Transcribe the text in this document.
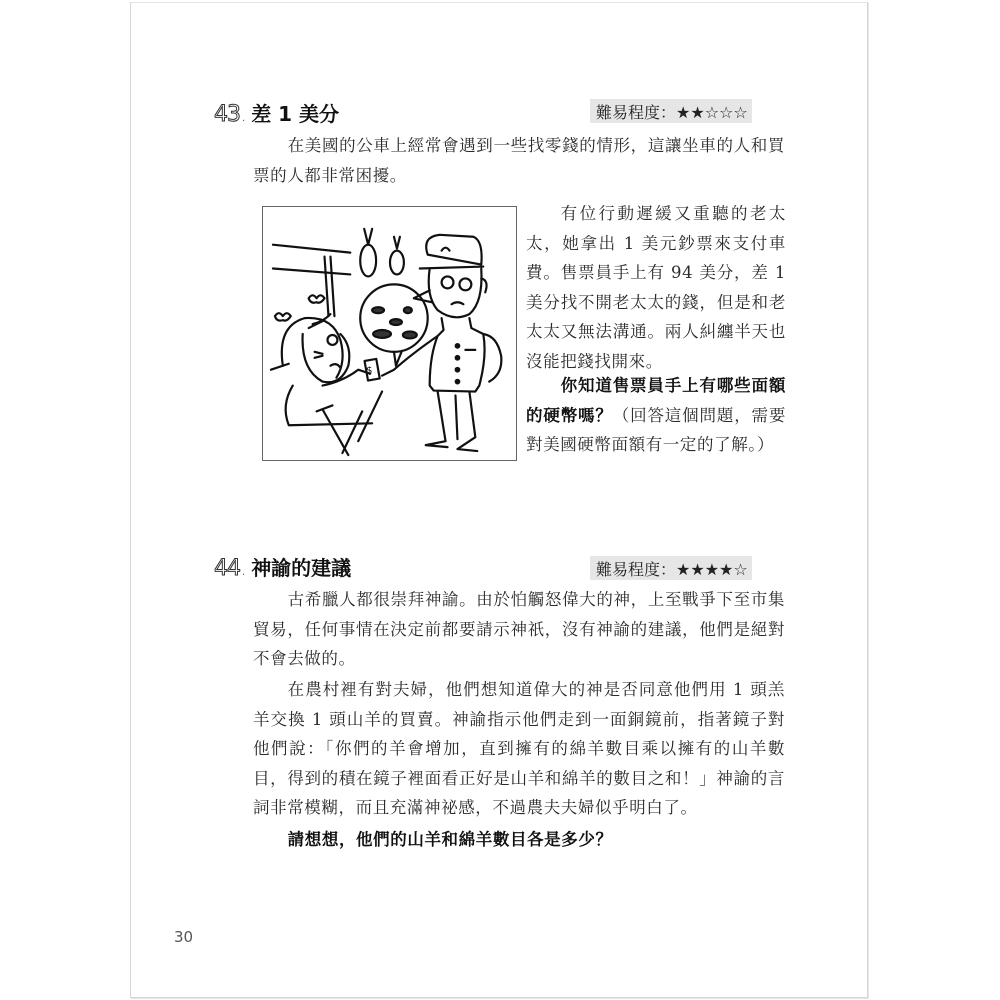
43 . 差 1 美分	難易程度：★★☆☆☆
在美國的公車上經常會遇到一些找零錢的情形，這讓坐車的人和買票的人都非常困擾。
$
有位行動遲緩又重聽的老太太，她拿出 1 美元鈔票來支付車費。售票員手上有 94 美分，差 1 美分找不開老太太的錢，但是和老太太又無法溝通。兩人糾纏半天也沒能把錢找開來。
你知道售票員手上有哪些面額的硬幣嗎？（回答這個問題，需要對美國硬幣面額有一定的了解。）
44 . 神諭的建議	難易程度：★★★★☆
古希臘人都很崇拜神諭。由於怕觸怒偉大的神，上至戰爭下至市集貿易，任何事情在決定前都要請示神祇，沒有神諭的建議，他們是絕對不會去做的。
在農村裡有對夫婦，他們想知道偉大的神是否同意他們用 1 頭羔羊交換 1 頭山羊的買賣。神諭指示他們走到一面銅鏡前，指著鏡子對他們說：「你們的羊會增加，直到擁有的綿羊數目乘以擁有的山羊數目，得到的積在鏡子裡面看正好是山羊和綿羊的數目之和！」神諭的言詞非常模糊，而且充滿神祕感，不過農夫夫婦似乎明白了。
請想想，他們的山羊和綿羊數目各是多少？
30
